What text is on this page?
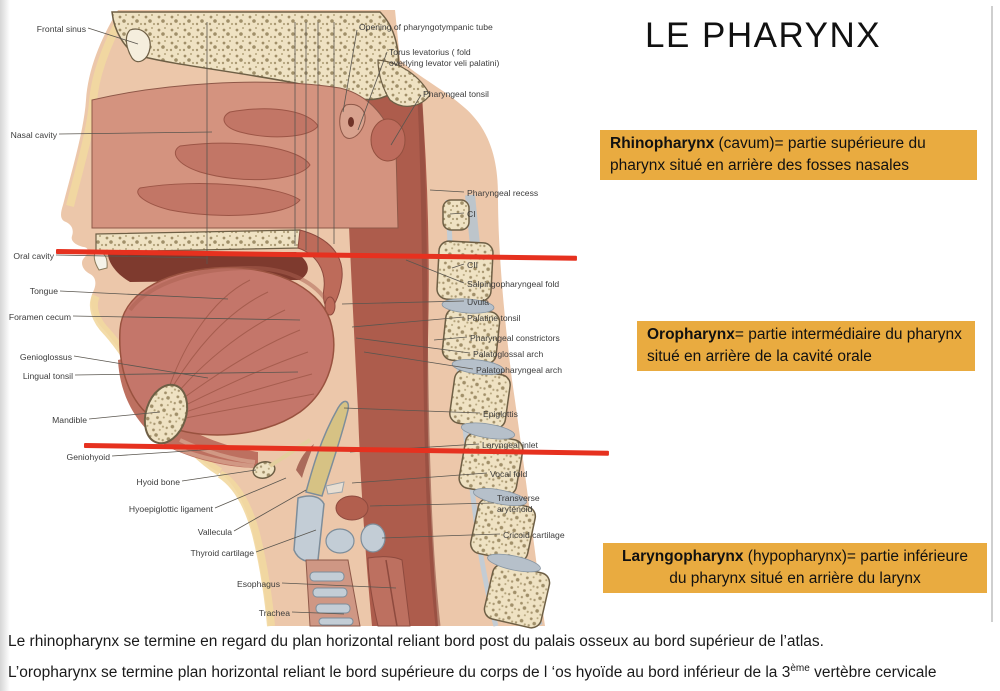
Frontal sinus
Nasal cavity
Oral cavity
Tongue
Foramen cecum
Genioglossus
Lingual tonsil
Mandible
Geniohyoid
Hyoid bone
Hyoepiglottic ligament
Vallecula
Thyroid cartilage
Esophagus
Trachea
Opening of pharyngotympanic tube
Torus levatorius ( fold overlying levator veli palatini)
Pharyngeal tonsil
Pharyngeal recess
CI
CII
Salpingopharyngeal fold
Uvula
Palatine tonsil
Pharyngeal constrictors
Palatoglossal arch
Palatopharyngeal arch
Epiglottis
Laryngeal inlet
Vocal fold
Transverse arytenoid
Cricoid cartilage
LE PHARYNX
Rhinopharynx (cavum)= partie supérieure du pharynx situé en arrière des fosses nasales
Oropharynx= partie intermédiaire du pharynx situé en arrière de la cavité orale
Laryngopharynx (hypopharynx)= partie inférieure du pharynx situé en arrière du larynx
Le rhinopharynx se termine en regard du plan horizontal reliant bord post du palais osseux au bord supérieur de l’atlas.
L’oropharynx se termine plan horizontal reliant le bord supérieure du corps de l ‘os hyoïde au bord inférieur de la 3ème vertèbre cervicale
